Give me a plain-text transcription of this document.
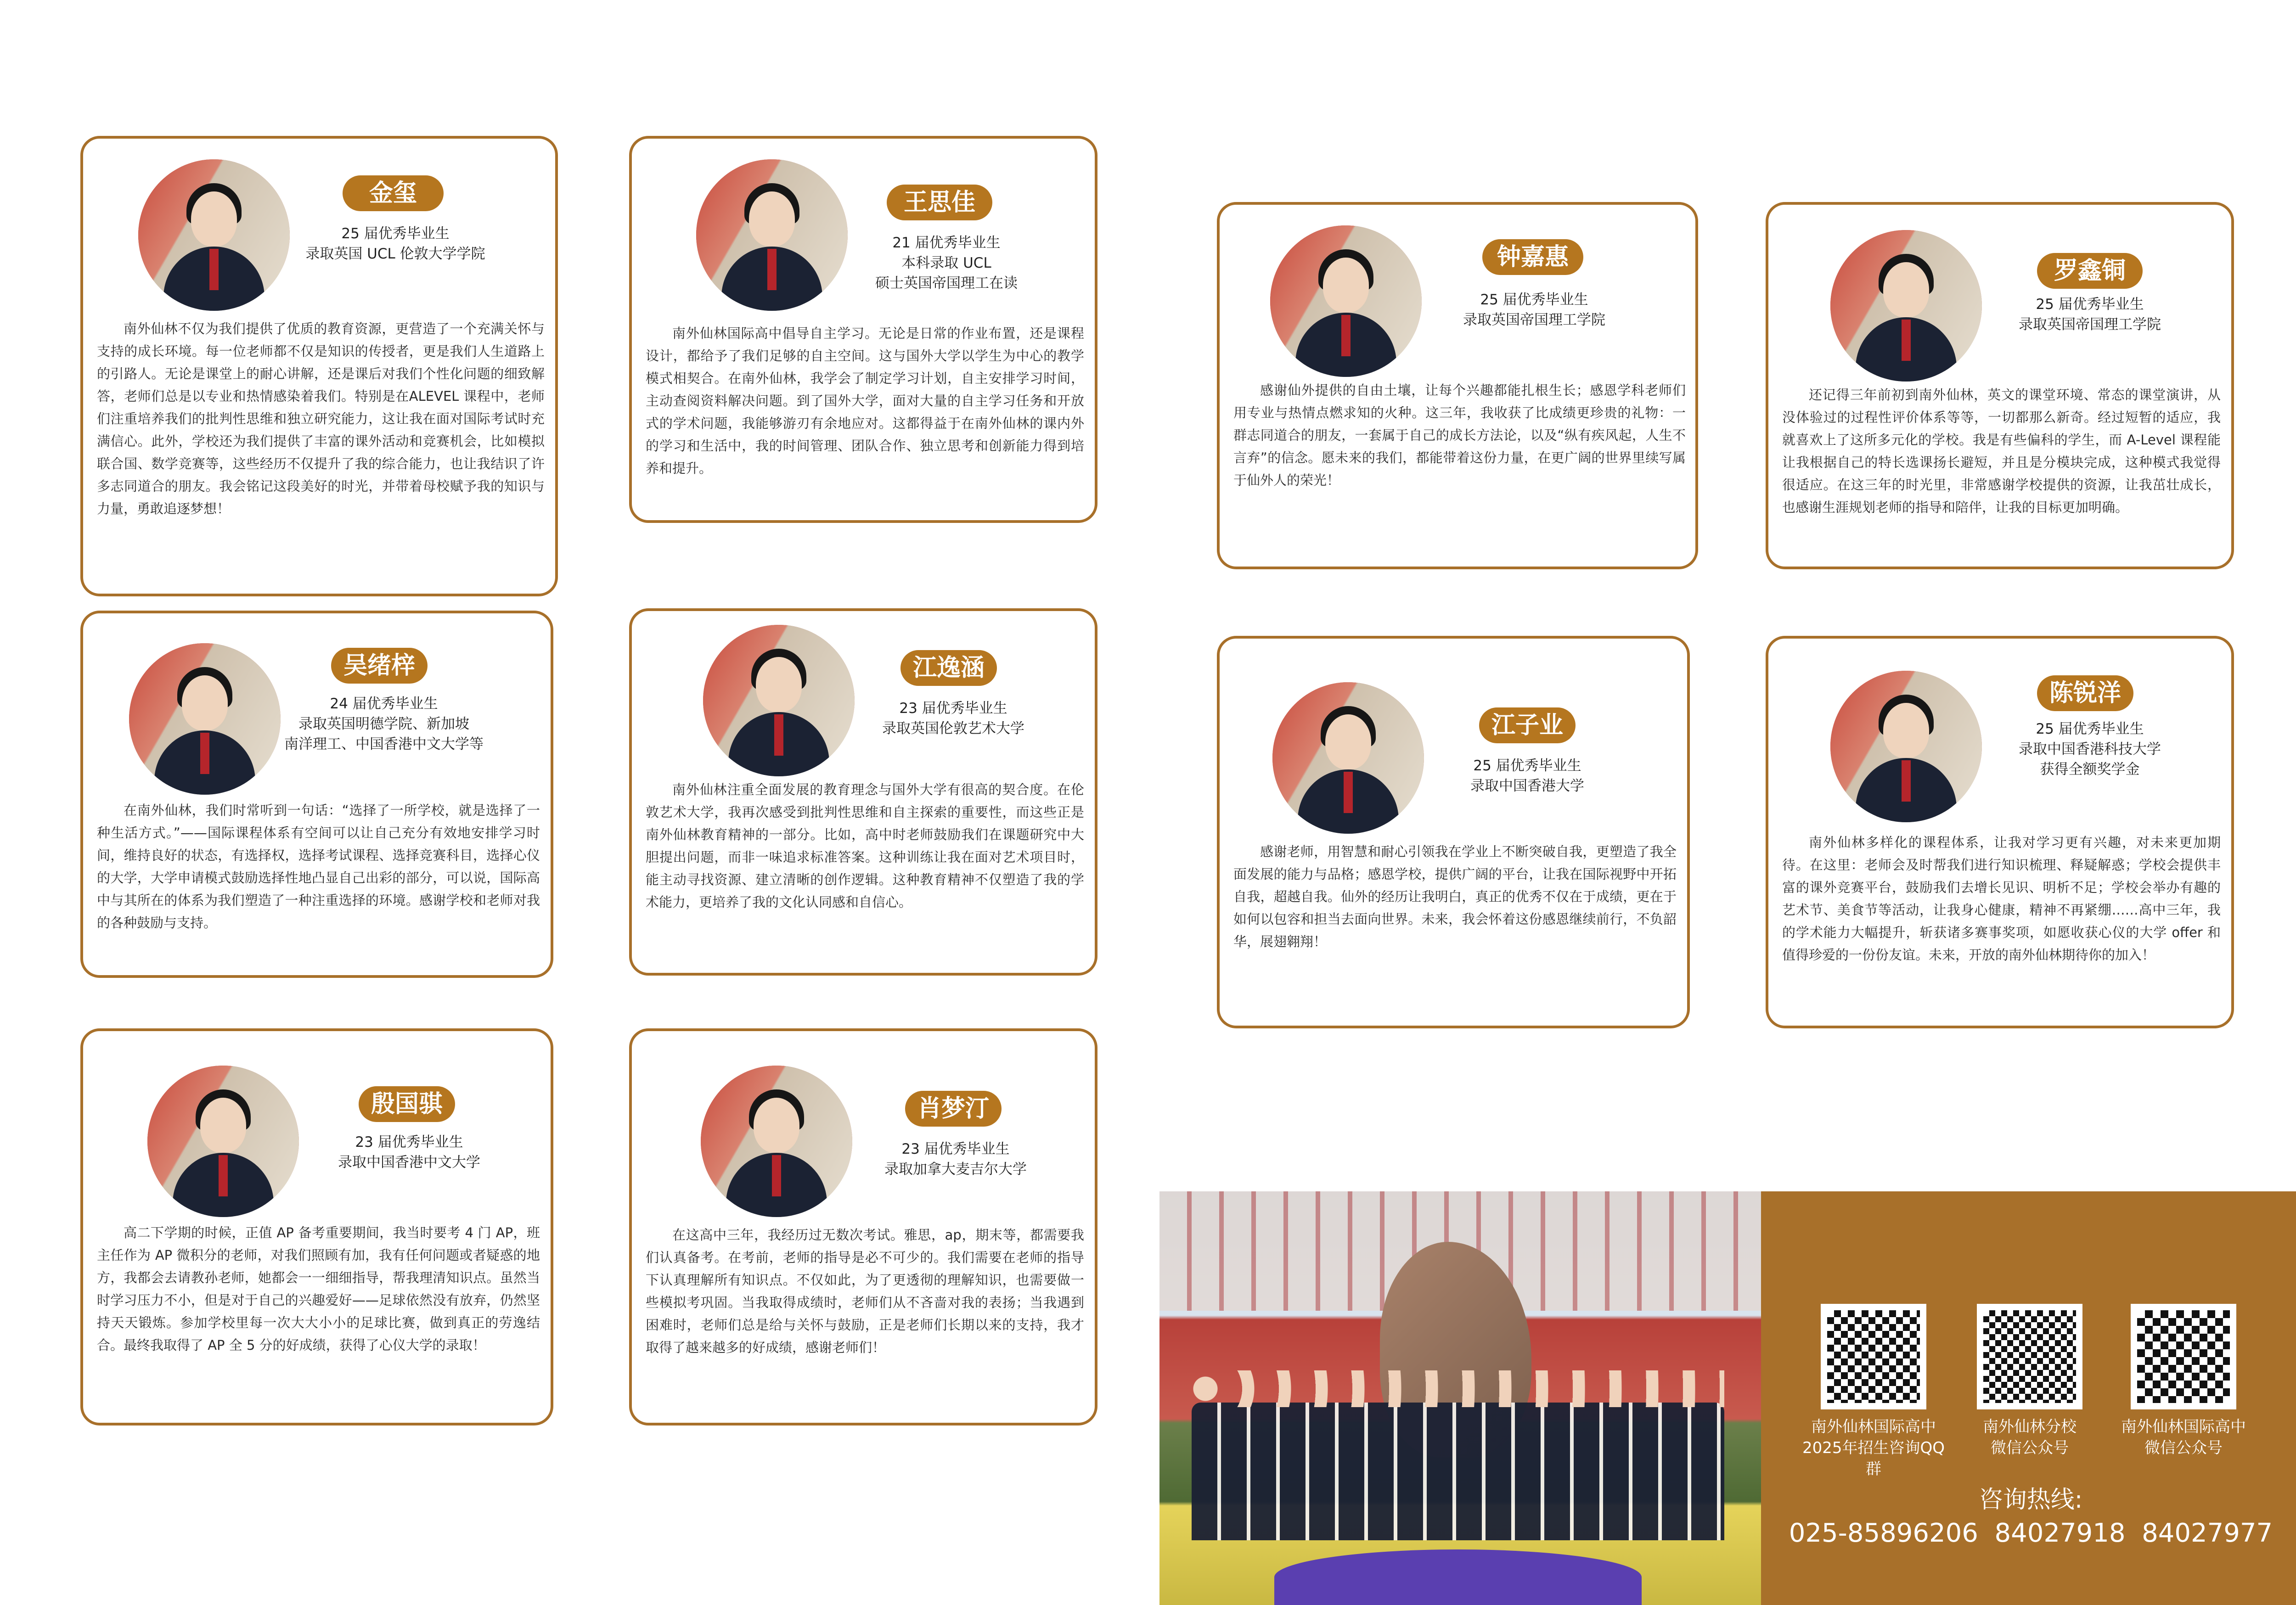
金玺
25 届优秀毕业生
录取英国 UCL 伦敦大学学院
南外仙林不仅为我们提供了优质的教育资源，更营造了一个充满关怀与支持的成长环境。每一位老师都不仅是知识的传授者，更是我们人生道路上的引路人。无论是课堂上的耐心讲解，还是课后对我们个性化问题的细致解答，老师们总是以专业和热情感染着我们。特别是在ALEVEL 课程中，老师们注重培养我们的批判性思维和独立研究能力，这让我在面对国际考试时充满信心。此外，学校还为我们提供了丰富的课外活动和竞赛机会，比如模拟联合国、数学竞赛等，这些经历不仅提升了我的综合能力，也让我结识了许多志同道合的朋友。我会铭记这段美好的时光，并带着母校赋予我的知识与力量，勇敢追逐梦想！
王思佳
21 届优秀毕业生
本科录取 UCL
硕士英国帝国理工在读
南外仙林国际高中倡导自主学习。无论是日常的作业布置，还是课程设计，都给予了我们足够的自主空间。这与国外大学以学生为中心的教学模式相契合。在南外仙林，我学会了制定学习计划，自主安排学习时间，主动查阅资料解决问题。到了国外大学，面对大量的自主学习任务和开放式的学术问题，我能够游刃有余地应对。这都得益于在南外仙林的课内外的学习和生活中，我的时间管理、团队合作、独立思考和创新能力得到培养和提升。
钟嘉惠
25 届优秀毕业生
录取英国帝国理工学院
感谢仙外提供的自由土壤，让每个兴趣都能扎根生长；感恩学科老师们用专业与热情点燃求知的火种。这三年，我收获了比成绩更珍贵的礼物：一群志同道合的朋友，一套属于自己的成长方法论，以及“纵有疾风起，人生不言弃”的信念。愿未来的我们，都能带着这份力量，在更广阔的世界里续写属于仙外人的荣光！
罗鑫铜
25 届优秀毕业生
录取英国帝国理工学院
还记得三年前初到南外仙林，英文的课堂环境、常态的课堂演讲，从没体验过的过程性评价体系等等，一切都那么新奇。经过短暂的适应，我就喜欢上了这所多元化的学校。我是有些偏科的学生，而 A-Level 课程能让我根据自己的特长选课扬长避短，并且是分模块完成，这种模式我觉得很适应。在这三年的时光里，非常感谢学校提供的资源，让我茁壮成长，也感谢生涯规划老师的指导和陪伴，让我的目标更加明确。
吴绪梓
24 届优秀毕业生
录取英国明德学院、新加坡
南洋理工、中国香港中文大学等
在南外仙林，我们时常听到一句话：“选择了一所学校，就是选择了一种生活方式。”——国际课程体系有空间可以让自己充分有效地安排学习时间，维持良好的状态，有选择权，选择考试课程、选择竞赛科目，选择心仪的大学，大学申请模式鼓励选择性地凸显自己出彩的部分，可以说，国际高中与其所在的体系为我们塑造了一种注重选择的环境。感谢学校和老师对我的各种鼓励与支持。
江逸涵
23 届优秀毕业生
录取英国伦敦艺术大学
南外仙林注重全面发展的教育理念与国外大学有很高的契合度。在伦敦艺术大学，我再次感受到批判性思维和自主探索的重要性，而这些正是南外仙林教育精神的一部分。比如，高中时老师鼓励我们在课题研究中大胆提出问题，而非一味追求标准答案。这种训练让我在面对艺术项目时，能主动寻找资源、建立清晰的创作逻辑。这种教育精神不仅塑造了我的学术能力，更培养了我的文化认同感和自信心。
江子业
25 届优秀毕业生
录取中国香港大学
感谢老师，用智慧和耐心引领我在学业上不断突破自我，更塑造了我全面发展的能力与品格；感恩学校，提供广阔的平台，让我在国际视野中开拓自我，超越自我。仙外的经历让我明白，真正的优秀不仅在于成绩，更在于如何以包容和担当去面向世界。未来，我会怀着这份感恩继续前行，不负韶华，展翅翱翔！
陈锐洋
25 届优秀毕业生
录取中国香港科技大学
获得全额奖学金
南外仙林多样化的课程体系，让我对学习更有兴趣，对未来更加期待。在这里：老师会及时帮我们进行知识梳理、释疑解惑；学校会提供丰富的课外竞赛平台，鼓励我们去增长见识、明析不足；学校会举办有趣的艺术节、美食节等活动，让我身心健康，精神不再紧绷……高中三年，我的学术能力大幅提升，斩获诸多赛事奖项，如愿收获心仪的大学 offer 和值得珍爱的一份份友谊。未来，开放的南外仙林期待你的加入！
殷国骐
23 届优秀毕业生
录取中国香港中文大学
高二下学期的时候，正值 AP 备考重要期间，我当时要考 4 门 AP，班主任作为 AP 微积分的老师，对我们照顾有加，我有任何问题或者疑惑的地方，我都会去请教孙老师，她都会一一细细指导，帮我理清知识点。虽然当时学习压力不小，但是对于自己的兴趣爱好——足球依然没有放弃，仍然坚持天天锻炼。参加学校里每一次大大小小的足球比赛，做到真正的劳逸结合。最终我取得了 AP 全 5 分的好成绩，获得了心仪大学的录取！
肖梦汀
23 届优秀毕业生
录取加拿大麦吉尔大学
在这高中三年，我经历过无数次考试。雅思，ap，期末等，都需要我们认真备考。在考前，老师的指导是必不可少的。我们需要在老师的指导下认真理解所有知识点。不仅如此，为了更透彻的理解知识，也需要做一些模拟考巩固。当我取得成绩时，老师们从不吝啬对我的表扬；当我遇到困难时，老师们总是给与关怀与鼓励，正是老师们长期以来的支持，我才取得了越来越多的好成绩，感谢老师们！
南外仙林国际高中
2025年招生咨询QQ群
南外仙林分校
微信公众号
南外仙林国际高中
微信公众号
咨询热线:
025-85896206  84027918  84027977
